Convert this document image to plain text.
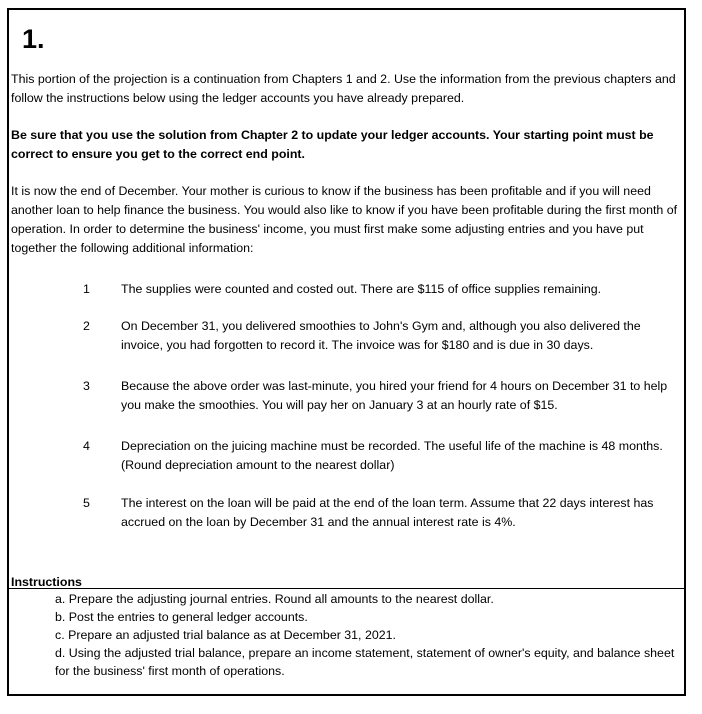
1.
This portion of the projection is a continuation from Chapters 1 and 2. Use the information from the previous chapters and follow the instructions below using the ledger accounts you have already prepared.
Be sure that you use the solution from Chapter 2 to update your ledger accounts. Your starting point must be correct to ensure you get to the correct end point.
It is now the end of December. Your mother is curious to know if the business has been profitable and if you will need another loan to help finance the business. You would also like to know if you have been profitable during the first month of operation. In order to determine the business' income, you must first make some adjusting entries and you have put together the following additional information:
1	The supplies were counted and costed out. There are $115 of office supplies remaining.
2	On December 31, you delivered smoothies to John's Gym and, although you also delivered the invoice, you had forgotten to record it. The invoice was for $180 and is due in 30 days.
3	Because the above order was last-minute, you hired your friend for 4 hours on December 31 to help you make the smoothies. You will pay her on January 3 at an hourly rate of $15.
4	Depreciation on the juicing machine must be recorded. The useful life of the machine is 48 months. (Round depreciation amount to the nearest dollar)
5	The interest on the loan will be paid at the end of the loan term. Assume that 22 days interest has accrued on the loan by December 31 and the annual interest rate is 4%.
Instructions
a. Prepare the adjusting journal entries. Round all amounts to the nearest dollar.
b. Post the entries to general ledger accounts.
c. Prepare an adjusted trial balance as at December 31, 2021.
d. Using the adjusted trial balance, prepare an income statement, statement of owner's equity, and balance sheet for the business' first month of operations.
